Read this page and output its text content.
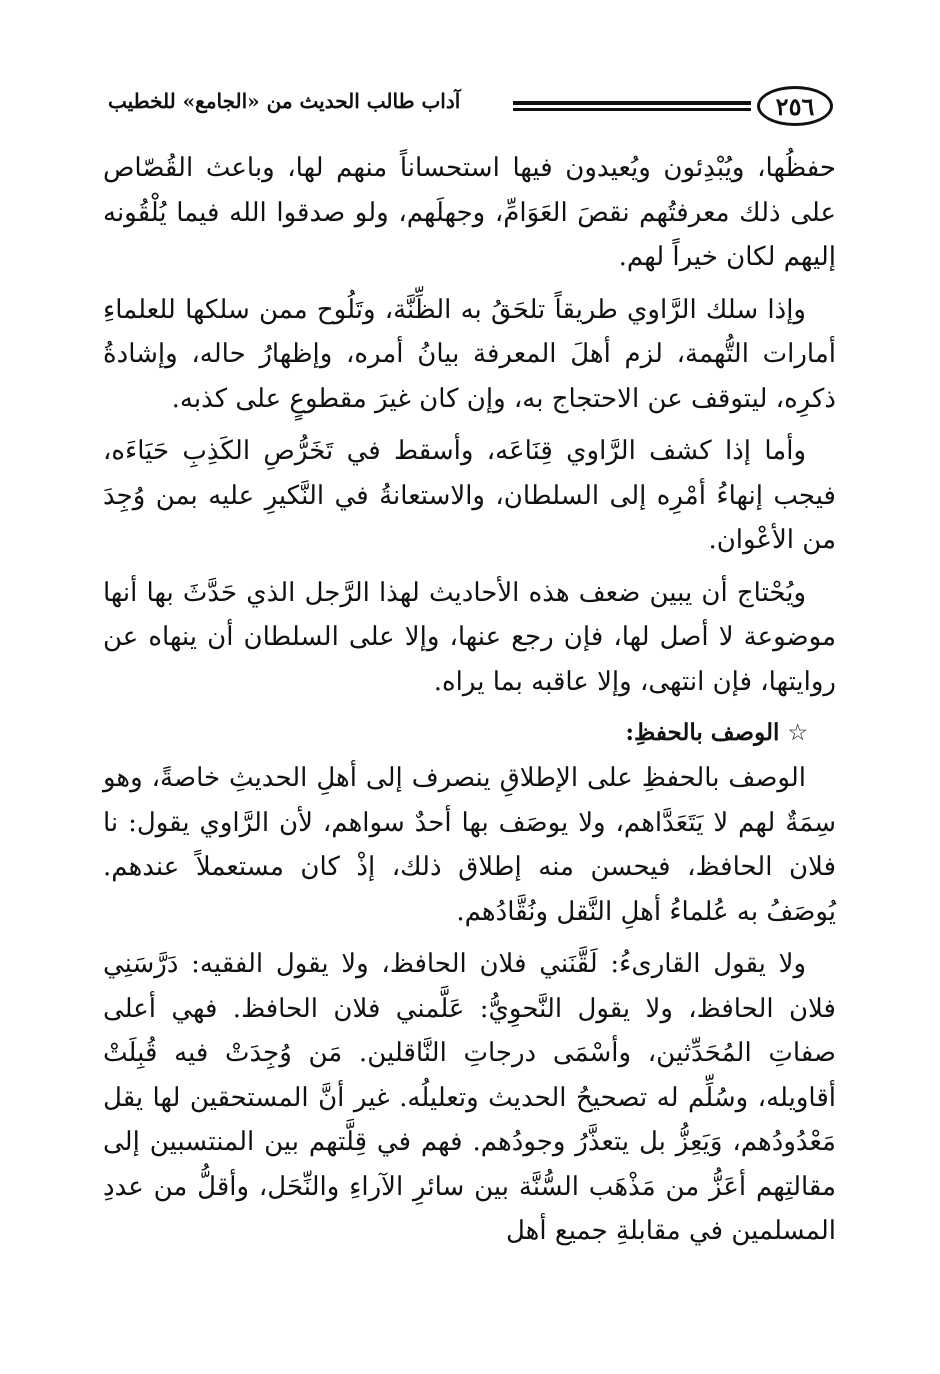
٢٥٦
آداب طالب الحديث من «الجامع» للخطيب

حفظُها، ويُبْدِئون ويُعيدون فيها استحساناً منهم لها، وباعث القُصّاص على ذلك معرفتُهم نقصَ العَوَامِّ، وجهلَهم، ولو صدقوا الله فيما يُلْقُونه إليهم لكان خيراً لهم.

وإذا سلك الرَّاوي طريقاً تلحَقُ به الظِّنَّة، وتَلُوح ممن سلكها للعلماءِ أمارات التُّهمة، لزم أهلَ المعرفة بيانُ أمره، وإظهارُ حاله، وإشادةُ ذكرِه، ليتوقف عن الاحتجاج به، وإن كان غيرَ مقطوعٍ على كذبه.

وأما إذا كشف الرَّاوي قِنَاعَه، وأسقط في تَخَرُّصِ الكَذِبِ حَيَاءَه، فيجب إنهاءُ أمْرِه إلى السلطان، والاستعانةُ في النَّكيرِ عليه بمن وُجِدَ من الأعْوان.

ويُحْتاج أن يبين ضعف هذه الأحاديث لهذا الرَّجل الذي حَدَّثَ بها أنها موضوعة لا أصل لها، فإن رجع عنها، وإلا على السلطان أن ينهاه عن روايتها، فإن انتهى، وإلا عاقبه بما يراه.

☆الوصف بالحفظِ:

الوصف بالحفظِ على الإطلاقِ ينصرف إلى أهلِ الحديثِ خاصةً، وهو سِمَةٌ لهم لا يَتَعَدَّاهم، ولا يوصَف بها أحدٌ سواهم، لأن الرَّاوي يقول: نا فلان الحافظ، فيحسن منه إطلاق ذلك، إذْ كان مستعملاً عندهم. يُوصَفُ به عُلماءُ أهلِ النَّقل ونُقَّادُهم.

ولا يقول القارىءُ: لَقَّنَني فلان الحافظ، ولا يقول الفقيه: دَرَّسَنِي فلان الحافظ، ولا يقول النَّحوِيُّ: عَلَّمني فلان الحافظ. فهي أعلى صفاتِ المُحَدِّثين، وأسْمَى درجاتِ النَّاقلين. مَن وُجِدَتْ فيه قُبِلَتْ أقاويله، وسُلِّم له تصحيحُ الحديث وتعليلُه. غير أنَّ المستحقين لها يقل مَعْدُودُهم، وَيَعِزُّ بل يتعذَّرُ وجودُهم. فهم في قِلَّتهم بين المنتسبين إلى مقالتِهم أعَزُّ من مَذْهَب السُّنَّة بين سائرِ الآراءِ والنِّحَل، وأقلُّ من عددِ المسلمين في مقابلةِ جميع أهل
